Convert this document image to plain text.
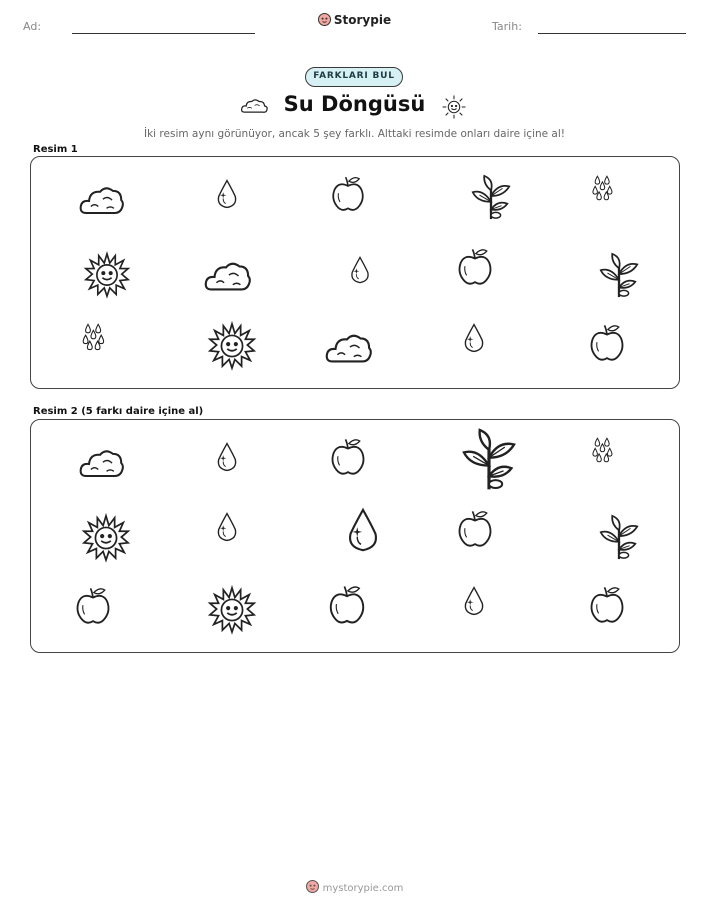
Ad:	Storypie	Tarih:
FARKLARI BUL
Su Döngüsü
İki resim aynı görünüyor, ancak 5 şey farklı. Alttaki resimde onları daire içine al!
Resim 1
Resim 2 (5 farkı daire içine al)
mystorypie.com
